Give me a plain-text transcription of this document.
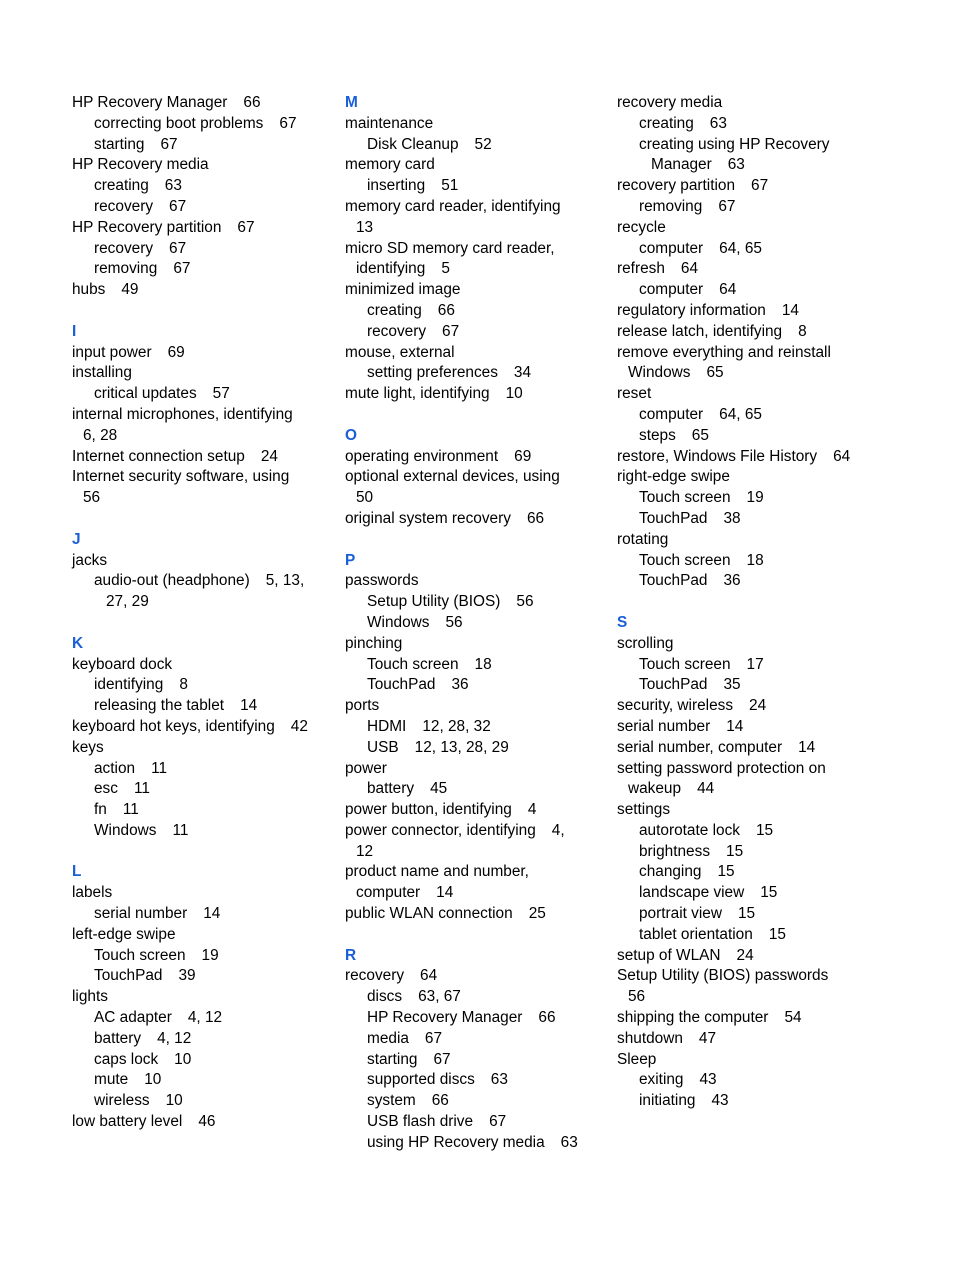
HP Recovery Manager 66
correcting boot problems 67
starting 67
HP Recovery media
creating 63
recovery 67
HP Recovery partition 67
recovery 67
removing 67
hubs 49
I
input power 69
installing
critical updates 57
internal microphones, identifying
6, 28
Internet connection setup 24
Internet security software, using
56
J
jacks
audio-out (headphone) 5, 13,
27, 29
K
keyboard dock
identifying 8
releasing the tablet 14
keyboard hot keys, identifying 42
keys
action 11
esc 11
fn 11
Windows 11
L
labels
serial number 14
left-edge swipe
Touch screen 19
TouchPad 39
lights
AC adapter 4, 12
battery 4, 12
caps lock 10
mute 10
wireless 10
low battery level 46
M
maintenance
Disk Cleanup 52
memory card
inserting 51
memory card reader, identifying
13
micro SD memory card reader,
identifying 5
minimized image
creating 66
recovery 67
mouse, external
setting preferences 34
mute light, identifying 10
O
operating environment 69
optional external devices, using
50
original system recovery 66
P
passwords
Setup Utility (BIOS) 56
Windows 56
pinching
Touch screen 18
TouchPad 36
ports
HDMI 12, 28, 32
USB 12, 13, 28, 29
power
battery 45
power button, identifying 4
power connector, identifying 4,
12
product name and number,
computer 14
public WLAN connection 25
R
recovery 64
discs 63, 67
HP Recovery Manager 66
media 67
starting 67
supported discs 63
system 66
USB flash drive 67
using HP Recovery media 63
recovery media
creating 63
creating using HP Recovery
Manager 63
recovery partition 67
removing 67
recycle
computer 64, 65
refresh 64
computer 64
regulatory information 14
release latch, identifying 8
remove everything and reinstall
Windows 65
reset
computer 64, 65
steps 65
restore, Windows File History 64
right-edge swipe
Touch screen 19
TouchPad 38
rotating
Touch screen 18
TouchPad 36
S
scrolling
Touch screen 17
TouchPad 35
security, wireless 24
serial number 14
serial number, computer 14
setting password protection on
wakeup 44
settings
autorotate lock 15
brightness 15
changing 15
landscape view 15
portrait view 15
tablet orientation 15
setup of WLAN 24
Setup Utility (BIOS) passwords
56
shipping the computer 54
shutdown 47
Sleep
exiting 43
initiating 43
